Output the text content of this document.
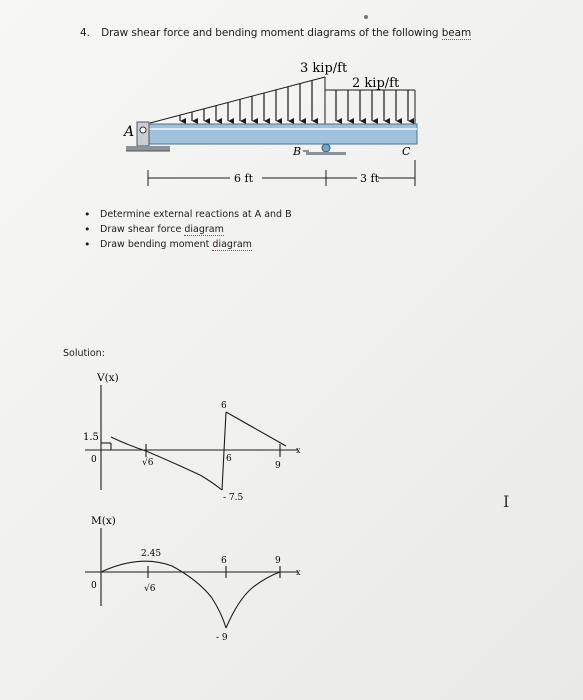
4. Draw shear force and bending moment diagrams of the following beam
3 kip/ft
2 kip/ft
A
B	C
6 ft	3 ft
V(x)
x
1.5
0	√6
6
6
- 7.5
9
M(x)
x
0
2.45
√6
6	9
- 9
• Determine external reactions at A and B
• Draw shear force diagram
• Draw bending moment diagram
Solution:
I
